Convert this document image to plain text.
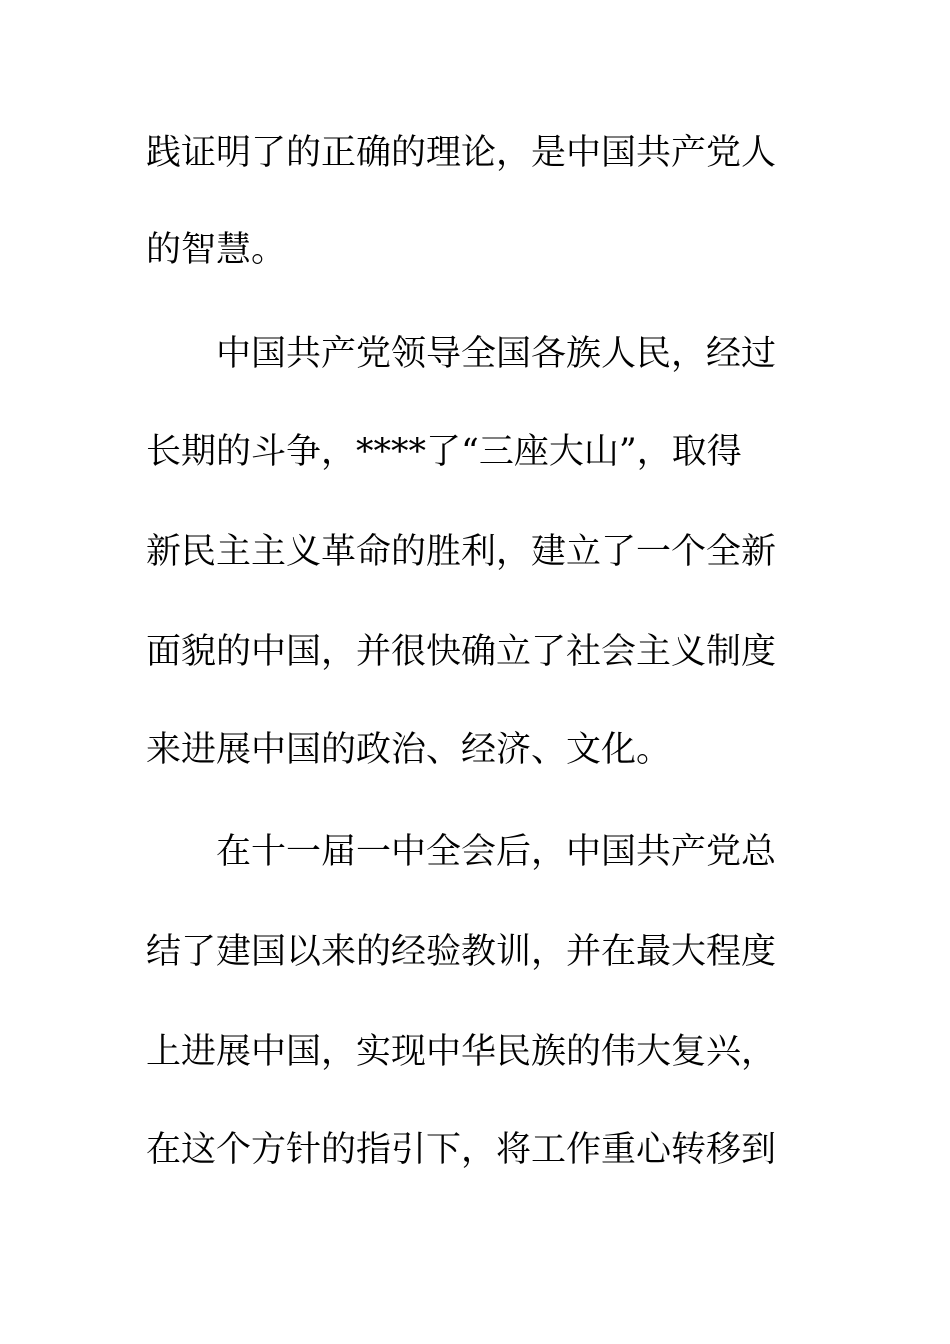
践证明了的正确的理论，是中国共产党人
的智慧。
中国共产党领导全国各族人民，经过
长期的斗争，****了“三座大山”，取得
新民主主义革命的胜利，建立了一个全新
面貌的中国，并很快确立了社会主义制度
来进展中国的政治、经济、文化。
在十一届一中全会后，中国共产党总
结了建国以来的经验教训，并在最大程度
上进展中国，实现中华民族的伟大复兴，
在这个方针的指引下，将工作重心转移到
